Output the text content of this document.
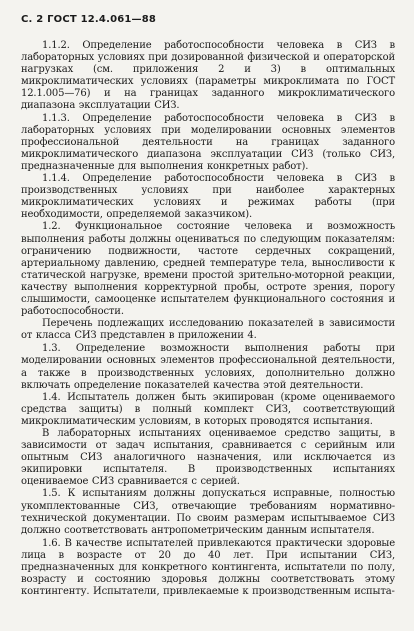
С. 2 ГОСТ 12.4.061—88

1.1.2. Определение работоспособности человека в СИЗ в лабораторных условиях при дозированной физической и операторской нагрузках (см. приложения 2 и 3) в оптимальных микроклиматических условиях (параметры микроклимата по ГОСТ 12.1.005—76) и на границах заданного микроклиматического диапазона эксплуатации СИЗ.

1.1.3. Определение работоспособности человека в СИЗ в лабораторных условиях при моделировании основных элементов профессиональной деятельности на границах заданного микроклиматического диапазона эксплуатации СИЗ (только СИЗ, предназначенные для выполнения конкретных работ).

1.1.4. Определение работоспособности человека в СИЗ в производственных условиях при наиболее характерных микроклиматических условиях и режимах работы (при необходимости, определяемой заказчиком).

1.2. Функциональное состояние человека и возможность выполнения работы должны оцениваться по следующим показателям: ограничению подвижности, частоте сердечных сокращений, артериальному давлению, средней температуре тела, выносливости к статической нагрузке, времени простой зрительно-моторной реакции, качеству выполнения корректурной пробы, остроте зрения, порогу слышимости, самооценке испытателем функционального состояния и работоспособности.

Перечень подлежащих исследованию показателей в зависимости от класса СИЗ представлен в приложении 4.

1.3. Определение возможности выполнения работы при моделировании основных элементов профессиональной деятельности, а также в производственных условиях, дополнительно должно включать определение показателей качества этой деятельности.

1.4. Испытатель должен быть экипирован (кроме оцениваемого средства защиты) в полный комплект СИЗ, соответствующий микроклиматическим условиям, в которых проводятся испытания.

В лабораторных испытаниях оцениваемое средство защиты, в зависимости от задач испытания, сравнивается с серийным или опытным СИЗ аналогичного назначения, или исключается из экипировки испытателя. В производственных испытаниях оцениваемое СИЗ сравнивается с серией.

1.5. К испытаниям должны допускаться исправные, полностью укомплектованные СИЗ, отвечающие требованиям нормативно-технической документации. По своим размерам испытываемое СИЗ должно соответствовать антропометрическим данным испытателя.

1.6. В качестве испытателей привлекаются практически здоровые лица в возрасте от 20 до 40 лет. При испытании СИЗ, предназначенных для конкретного контингента, испытатели по полу, возрасту и состоянию здоровья должны соответствовать этому контингенту. Испытатели, привлекаемые к производственным испыта-
